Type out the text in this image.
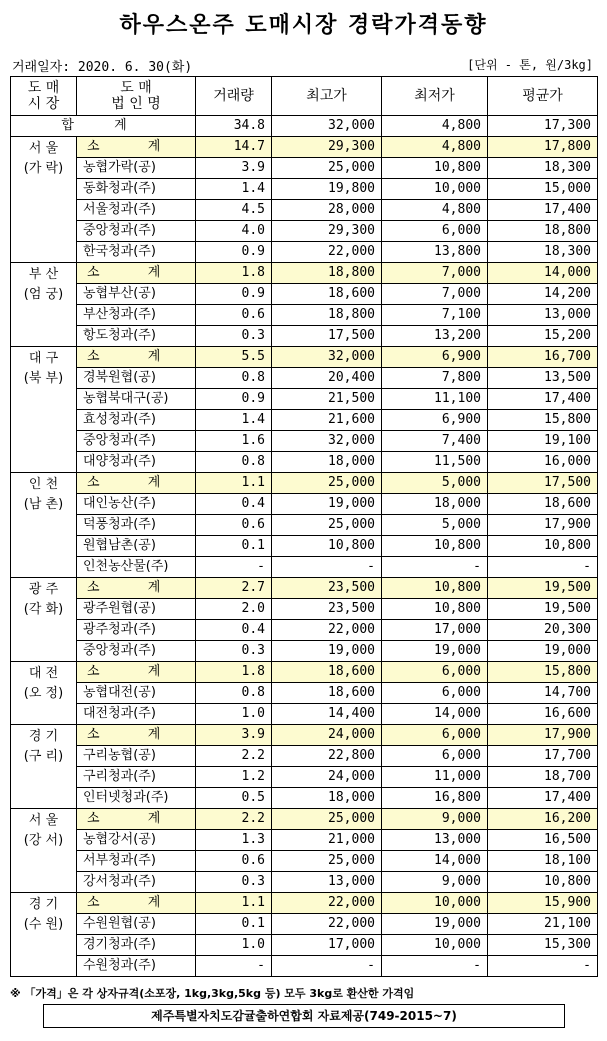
하우스온주 도매시장 경락가격동향
거래일자: 2020. 6. 30(화)	[단위 - 톤, 원/3kg]
도 매
시 장	도 매
법 인 명	거래량	최고가	최저가	평균가
합 계		34.8	32,000	4,800	17,300
서 울
(가 락)	소 계	14.7	29,300	4,800	17,800
	농협가락(공)	3.9	25,000	10,800	18,300
	동화청과(주)	1.4	19,800	10,000	15,000
	서울청과(주)	4.5	28,000	4,800	17,400
	중앙청과(주)	4.0	29,300	6,000	18,800
	한국청과(주)	0.9	22,000	13,800	18,300
부 산
(엄 궁)	소 계	1.8	18,800	7,000	14,000
	농협부산(공)	0.9	18,600	7,000	14,200
	부산청과(주)	0.6	18,800	7,100	13,000
	항도청과(주)	0.3	17,500	13,200	15,200
대 구
(북 부)	소 계	5.5	32,000	6,900	16,700
	경북원협(공)	0.8	20,400	7,800	13,500
	농협북대구(공)	0.9	21,500	11,100	17,400
	효성청과(주)	1.4	21,600	6,900	15,800
	중앙청과(주)	1.6	32,000	7,400	19,100
	대양청과(주)	0.8	18,000	11,500	16,000
인 천
(남 촌)	소 계	1.1	25,000	5,000	17,500
	대인농산(주)	0.4	19,000	18,000	18,600
	덕풍청과(주)	0.6	25,000	5,000	17,900
	원협남촌(공)	0.1	10,800	10,800	10,800
	인천농산물(주)	-	-	-	-
광 주
(각 화)	소 계	2.7	23,500	10,800	19,500
	광주원협(공)	2.0	23,500	10,800	19,500
	광주청과(주)	0.4	22,000	17,000	20,300
	중앙청과(주)	0.3	19,000	19,000	19,000
대 전
(오 정)	소 계	1.8	18,600	6,000	15,800
	농협대전(공)	0.8	18,600	6,000	14,700
	대전청과(주)	1.0	14,400	14,000	16,600
경 기
(구 리)	소 계	3.9	24,000	6,000	17,900
	구리농협(공)	2.2	22,800	6,000	17,700
	구리청과(주)	1.2	24,000	11,000	18,700
	인터넷청과(주)	0.5	18,000	16,800	17,400
서 울
(강 서)	소 계	2.2	25,000	9,000	16,200
	농협강서(공)	1.3	21,000	13,000	16,500
	서부청과(주)	0.6	25,000	14,000	18,100
	강서청과(주)	0.3	13,000	9,000	10,800
경 기
(수 원)	소 계	1.1	22,000	10,000	15,900
	수원원협(공)	0.1	22,000	19,000	21,100
	경기청과(주)	1.0	17,000	10,000	15,300
	수원청과(주)	-	-	-	-
※ 「가격」은 각 상자규격(소포장, 1kg,3kg,5kg 등) 모두 3kg로 환산한 가격임
제주특별자치도감귤출하연합회 자료제공(749-2015~7)
